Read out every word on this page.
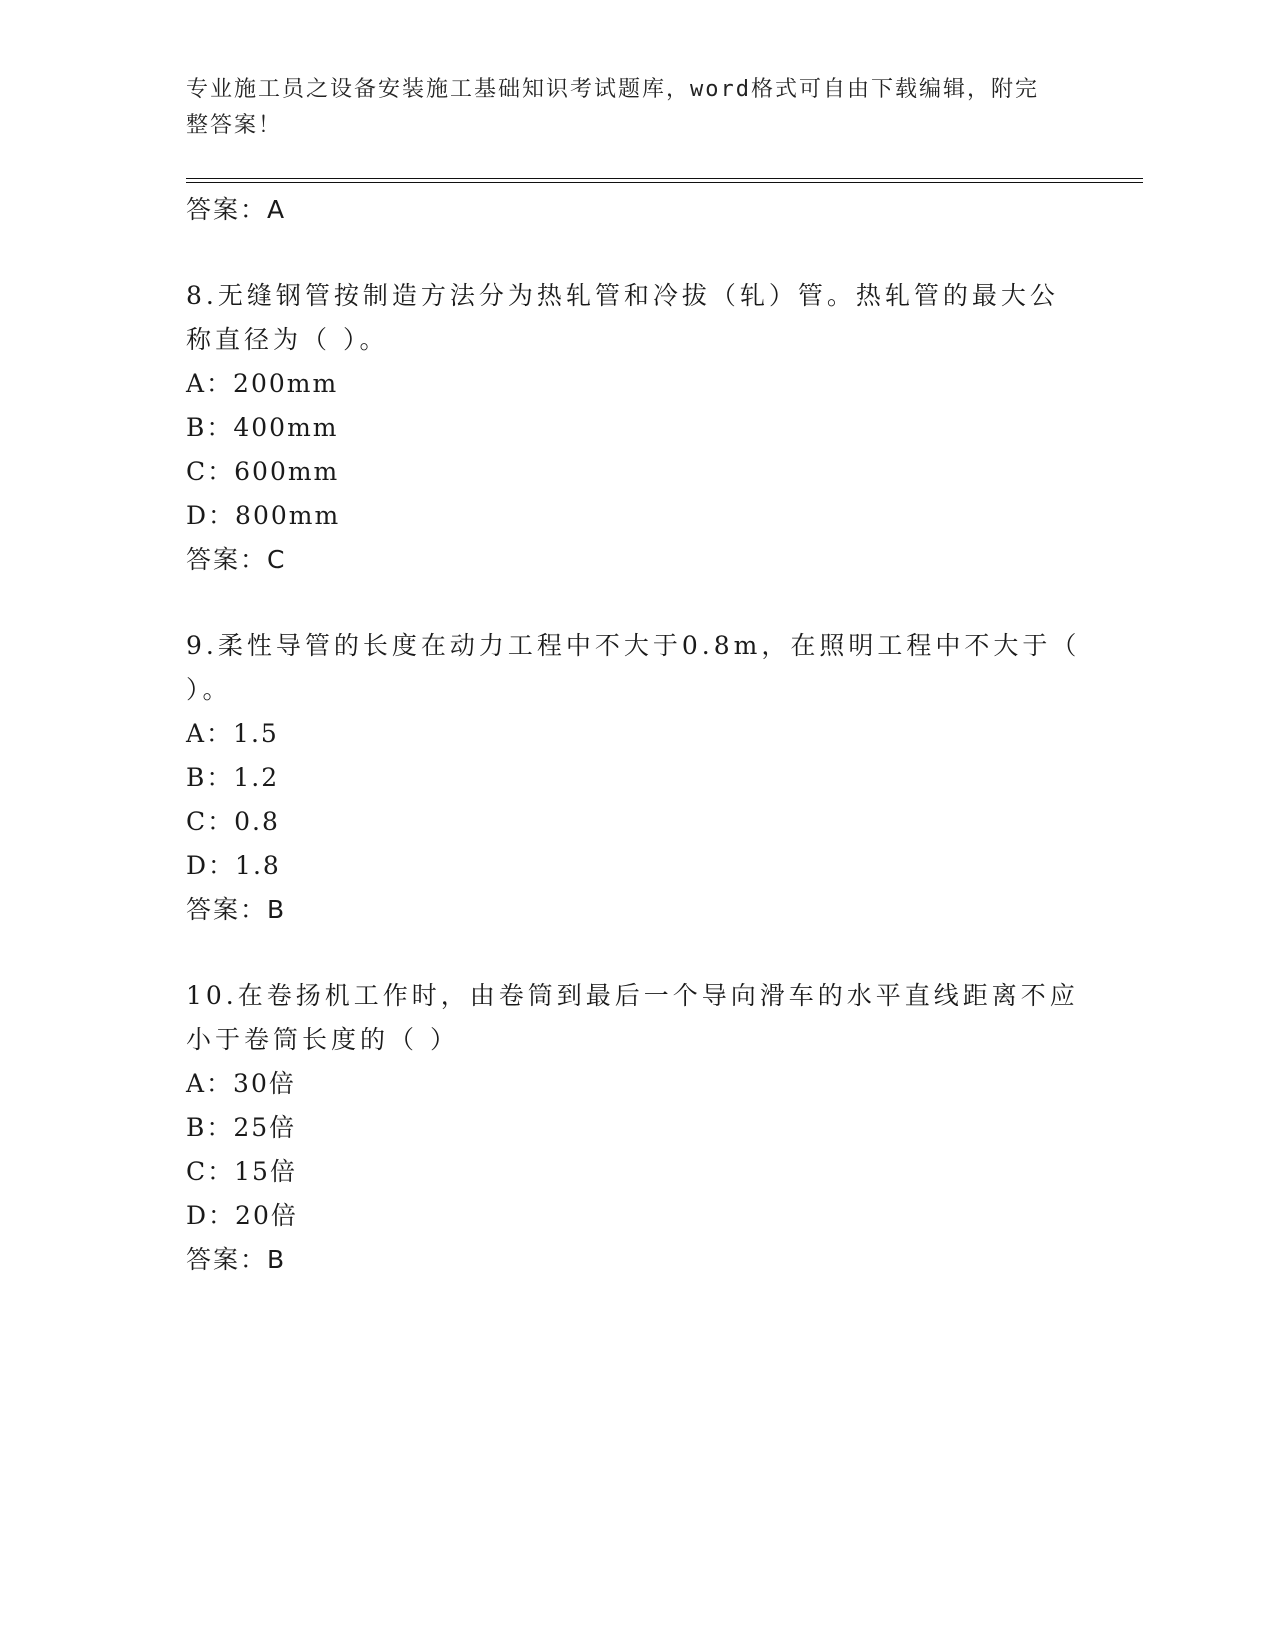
专业施工员之设备安装施工基础知识考试题库，word格式可自由下载编辑，附完
整答案！
答案：A
8.无缝钢管按制造方法分为热轧管和冷拔（轧）管。热轧管的最大公
称直径为（ ）。
A：200mm
B：400mm
C：600mm
D：800mm
答案：C
9.柔性导管的长度在动力工程中不大于0.8m，在照明工程中不大于（
）。
A：1.5
B：1.2
C：0.8
D：1.8
答案：B
10.在卷扬机工作时，由卷筒到最后一个导向滑车的水平直线距离不应
小于卷筒长度的（ ）
A：30倍
B：25倍
C：15倍
D：20倍
答案：B
